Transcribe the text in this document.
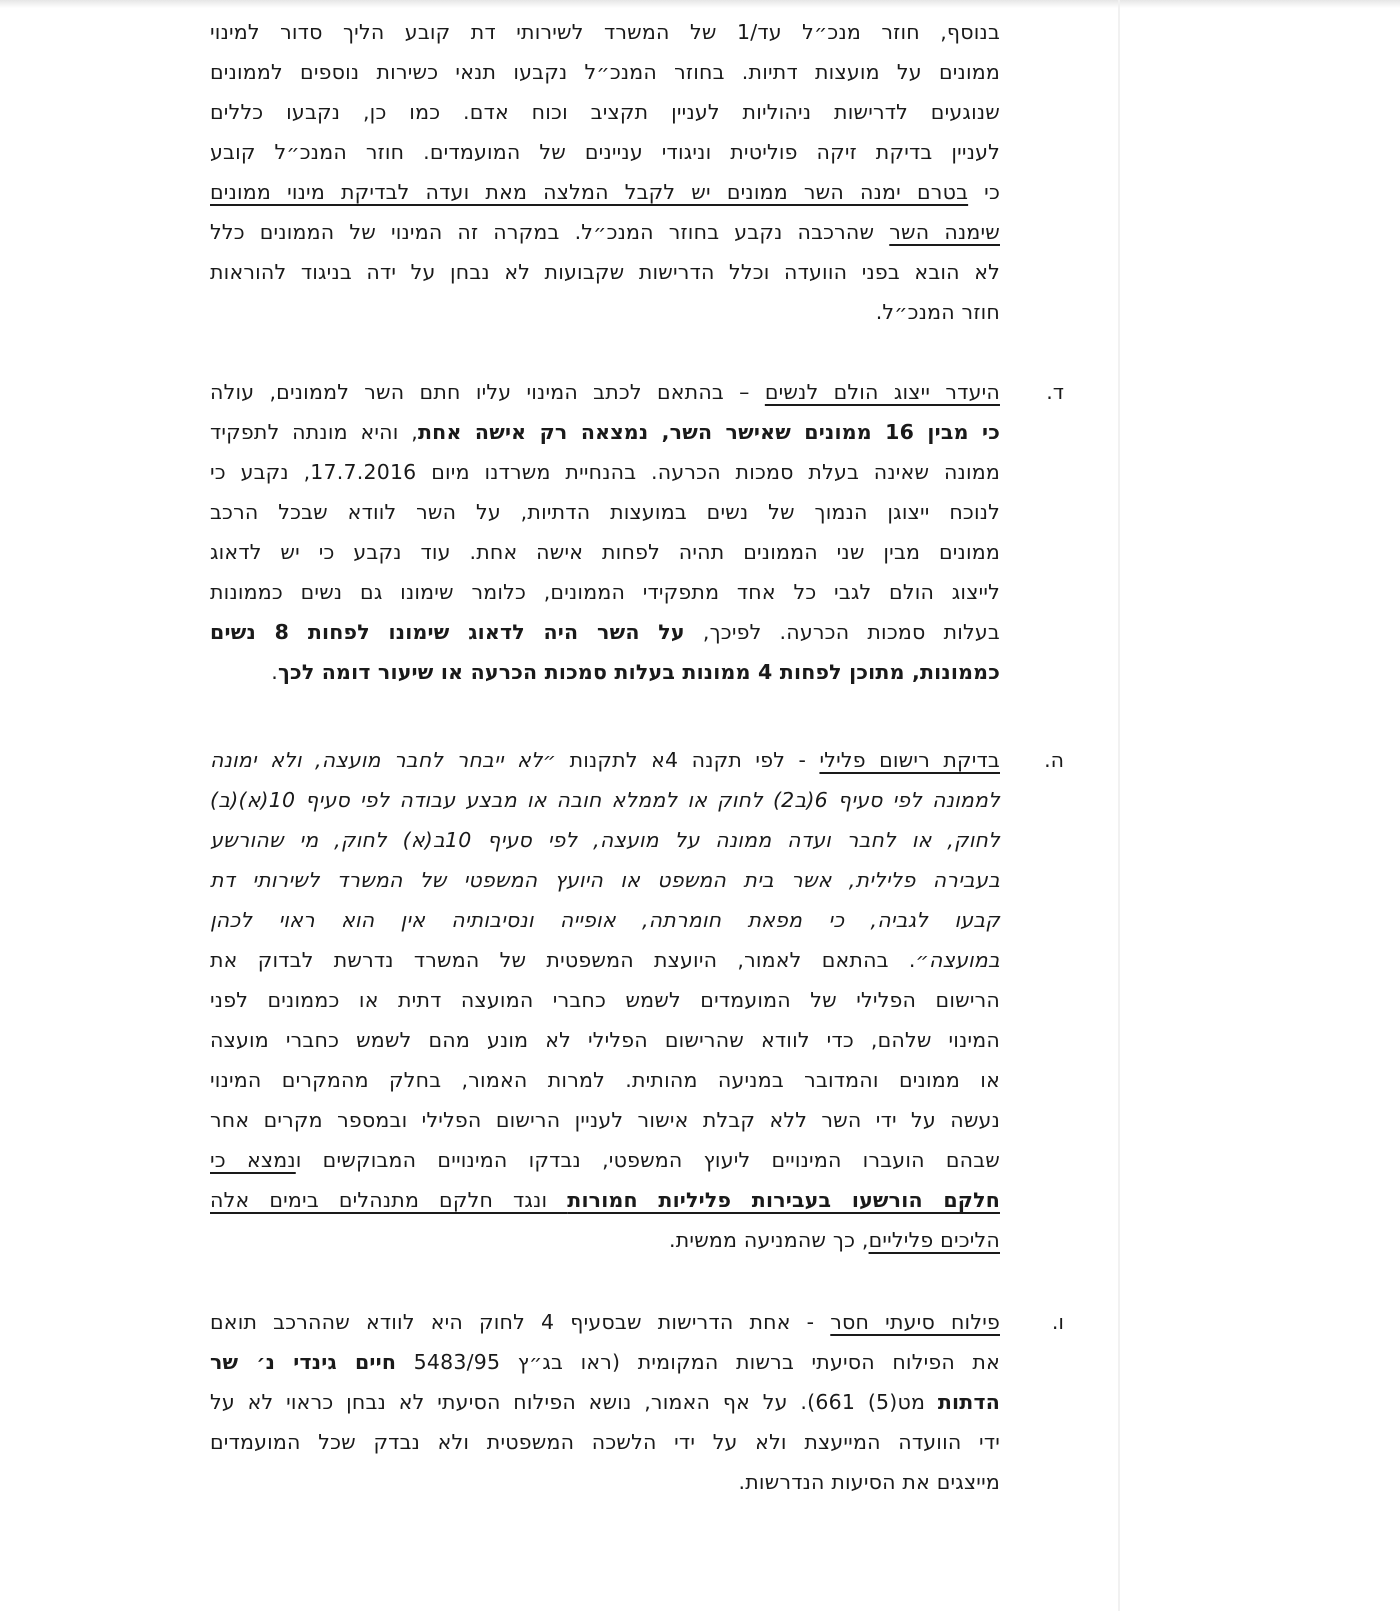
בנוסף, חוזר מנכ״ל עד/1 של המשרד לשירותי דת קובע הליך סדור למינוי
ממונים על מועצות דתיות. בחוזר המנכ״ל נקבעו תנאי כשירות נוספים לממונים
שנוגעים לדרישות ניהוליות לעניין תקציב וכוח אדם. כמו כן, נקבעו כללים
לעניין בדיקת זיקה פוליטית וניגודי עניינים של המועמדים. חוזר המנכ״ל קובע
כי בטרם ימנה השר ממונים יש לקבל המלצה מאת ועדה לבדיקת מינוי ממונים
שימנה השר שהרכבה נקבע בחוזר המנכ״ל. במקרה זה המינוי של הממונים כלל
לא הובא בפני הוועדה וכלל הדרישות שקבועות לא נבחן על ידה בניגוד להוראות
חוזר המנכ״ל.
ד.
היעדר ייצוג הולם לנשים – בהתאם לכתב המינוי עליו חתם השר לממונים, עולה
כי מבין 16 ממונים שאישר השר, נמצאה רק אישה אחת, והיא מונתה לתפקיד
ממונה שאינה בעלת סמכות הכרעה. בהנחיית משרדנו מיום 17.7.2016, נקבע כי
לנוכח ייצוגן הנמוך של נשים במועצות הדתיות, על השר לוודא שבכל הרכב
ממונים מבין שני הממונים תהיה לפחות אישה אחת. עוד נקבע כי יש לדאוג
לייצוג הולם לגבי כל אחד מתפקידי הממונים, כלומר שימונו גם נשים כממונות
בעלות סמכות הכרעה. לפיכך, על השר היה לדאוג שימונו לפחות 8 נשים
כממונות, מתוכן לפחות 4 ממונות בעלות סמכות הכרעה או שיעור דומה לכך.
ה.
בדיקת רישום פלילי - לפי תקנה 4א לתקנות ״לא ייבחר לחבר מועצה, ולא ימונה
לממונה לפי סעיף 6(ב2) לחוק או לממלא חובה או מבצע עבודה לפי סעיף 10(א)(ב)
לחוק, או לחבר ועדה ממונה על מועצה, לפי סעיף 10ב(א) לחוק, מי שהורשע
בעבירה פלילית, אשר בית המשפט או היועץ המשפטי של המשרד לשירותי דת
קבעו לגביה, כי מפאת חומרתה, אופייה ונסיבותיה אין הוא ראוי לכהן
במועצה״. בהתאם לאמור, היועצת המשפטית של המשרד נדרשת לבדוק את
הרישום הפלילי של המועמדים לשמש כחברי המועצה דתית או כממונים לפני
המינוי שלהם, כדי לוודא שהרישום הפלילי לא מונע מהם לשמש כחברי מועצה
או ממונים והמדובר במניעה מהותית. למרות האמור, בחלק מהמקרים המינוי
נעשה על ידי השר ללא קבלת אישור לעניין הרישום הפלילי ובמספר מקרים אחר
שבהם הועברו המינויים ליעוץ המשפטי, נבדקו המינויים המבוקשים ונמצא כי
חלקם הורשעו בעבירות פליליות חמורות ונגד חלקם מתנהלים בימים אלה
הליכים פליליים, כך שהמניעה ממשית.
ו.
פילוח סיעתי חסר - אחת הדרישות שבסעיף 4 לחוק היא לוודא שההרכב תואם
את הפילוח הסיעתי ברשות המקומית (ראו בג״ץ 5483/95 חיים גינדי נ׳ שר
הדתות מט(5) 661). על אף האמור, נושא הפילוח הסיעתי לא נבחן כראוי לא על
ידי הוועדה המייעצת ולא על ידי הלשכה המשפטית ולא נבדק שכל המועמדים
מייצגים את הסיעות הנדרשות.
